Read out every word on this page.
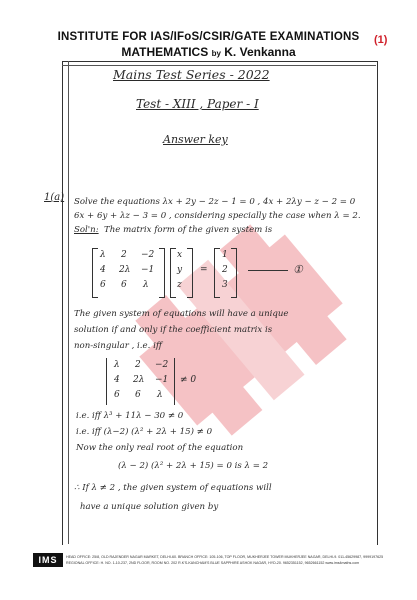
INSTITUTE FOR IAS/IFoS/CSIR/GATE EXAMINATIONS
MATHEMATICS by K. Venkanna
(1)
Mains Test Series - 2022
Test - XIII , Paper - I
Answer key
1(a) Solve the equations λx + 2y − 2z − 1 = 0 , 4x + 2λy − z − 2 = 0
6x + 6y + λz − 3 = 0 , considering specially the case when λ = 2.
Sol'n: The matrix form of the given system is
λ 2 −2
4 2λ −1
6 6 λ
x
y
z
=
1
2
3
①
The given system of equations will have a unique
solution if and only if the coefficient matrix is
non-singular , i.e. iff
λ 2 −2
4 2λ −1
6 6 λ
≠ 0
i.e. iff λ³ + 11λ − 30 ≠ 0
i.e. iff (λ−2) (λ² + 2λ + 15) ≠ 0
Now the only real root of the equation
(λ − 2) (λ² + 2λ + 15) = 0 is λ = 2
∴ If λ ≠ 2 , the given system of equations will
have a unique solution given by
IMS	HEAD OFFICE: 25/8, OLD RAJENDER NAGAR MARKET, DELHI-60. BRANCH OFFICE: 105-106, TOP FLOOR, MUKHERJEE TOWER MUKHERJEE NAGAR, DELHI-9. 011-45629987, 9999197625
REGIONAL OFFICE: H. NO. 1-10-237, 2ND FLOOR, ROOM NO. 202 R.K'S-KANCHAM'S BLUE SAPPHIRE ASHOK NAGAR, HYD-20. 9652351152, 9652661152 www.ims4maths.com
